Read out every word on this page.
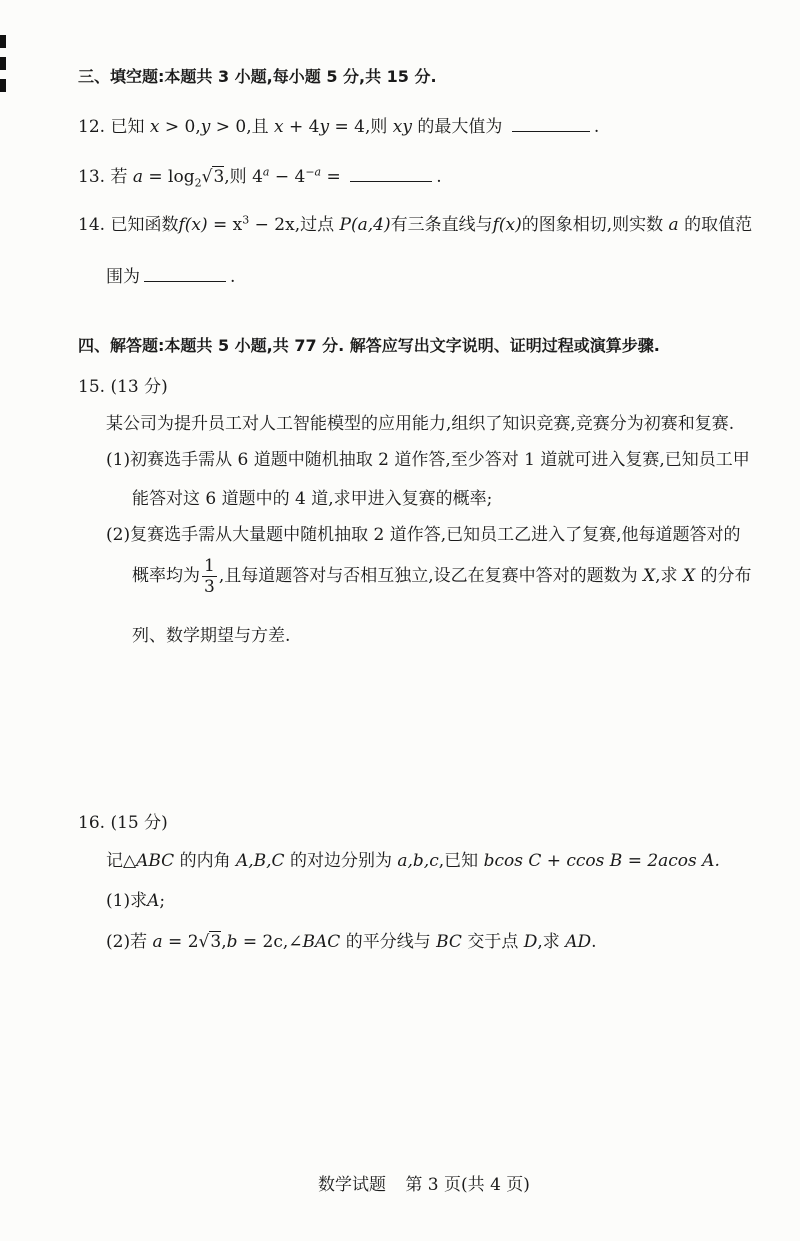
三、填空题:本题共 3 小题,每小题 5 分,共 15 分.
12. 已知 x > 0,y > 0,且 x + 4y = 4,则 xy 的最大值为	.
13. 若 $a = \log_2√3$,则 $4^a - 4^{-a}$ =	.
14. 已知函数$f(x) = x^3 - 2x$,过点 P(a,4)有三条直线与f(x)的图象相切,则实数 a 的取值范
围为	.
四、解答题:本题共 5 小题,共 77 分. 解答应写出文字说明、证明过程或演算步骤.
15. (13 分)
某公司为提升员工对人工智能模型的应用能力,组织了知识竞赛,竞赛分为初赛和复赛.
(1)初赛选手需从 6 道题中随机抽取 2 道作答,至少答对 1 道就可进入复赛,已知员工甲
能答对这 6 道题中的 4 道,求甲进入复赛的概率;
(2)复赛选手需从大量题中随机抽取 2 道作答,已知员工乙进入了复赛,他每道题答对的
概率均为 $\frac{1}{3}$ ,且每道题答对与否相互独立,设乙在复赛中答对的题数为 X,求 X 的分布
列、数学期望与方差.
16. (15 分)
记△ABC 的内角 A,B,C 的对边分别为 a,b,c,已知 bcos C + ccos B = 2acos A.
(1)求A;
(2)若 a = 2√3,b = 2c,∠BAC 的平分线与 BC 交于点 D,求 AD.
数学试题 第 3 页(共 4 页)
